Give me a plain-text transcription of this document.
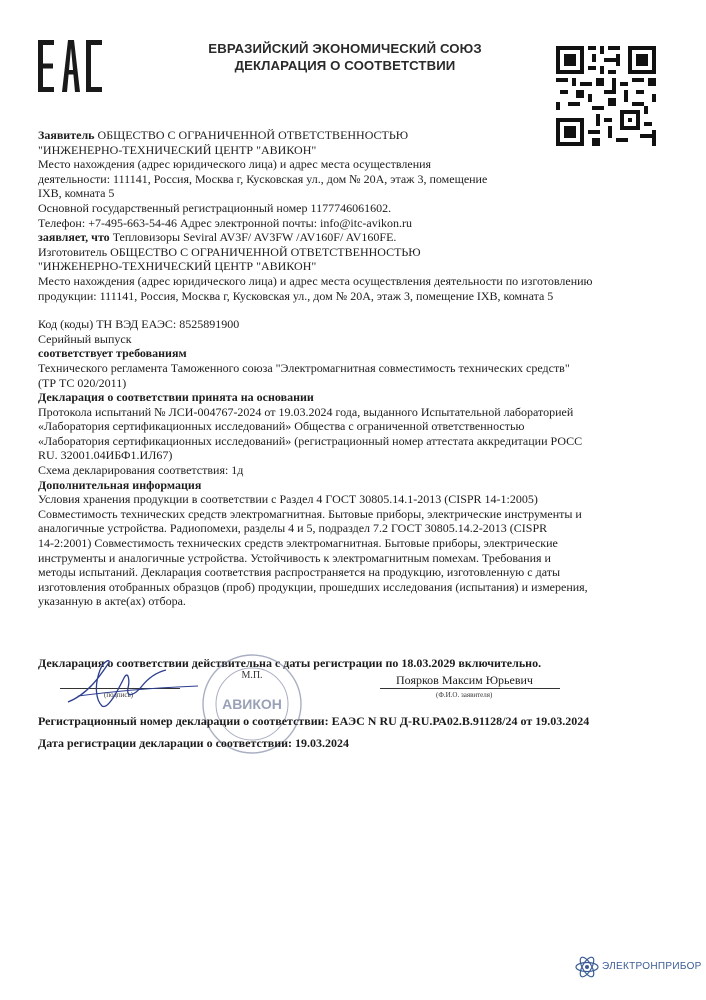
ЕВРАЗИЙСКИЙ ЭКОНОМИЧЕСКИЙ СОЮЗ
ДЕКЛАРАЦИЯ О СООТВЕТСТВИИ

Заявитель ОБЩЕСТВО С ОГРАНИЧЕННОЙ ОТВЕТСТВЕННОСТЬЮ

"ИНЖЕНЕРНО-ТЕХНИЧЕСКИЙ ЦЕНТР "АВИКОН"

Место нахождения (адрес юридического лица) и адрес места осуществления

деятельности: 111141, Россия, Москва г, Кусковская ул., дом № 20А, этаж 3, помещение

IXB, комната 5

Основной государственный регистрационный номер 1177746061602.

Телефон: +7-495-663-54-46 Адрес электронной почты: info@itc-avikon.ru

заявляет, что Тепловизоры Seviral AV3F/ AV3FW /AV160F/ AV160FE.

Изготовитель ОБЩЕСТВО С ОГРАНИЧЕННОЙ ОТВЕТСТВЕННОСТЬЮ

"ИНЖЕНЕРНО-ТЕХНИЧЕСКИЙ ЦЕНТР "АВИКОН"

Место нахождения (адрес юридического лица) и адрес места осуществления деятельности по изготовлению

продукции: 111141, Россия, Москва г, Кусковская ул., дом № 20А, этаж 3, помещение IXB, комната 5

Код (коды) ТН ВЭД ЕАЭС: 8525891900

Серийный выпуск

соответствует требованиям

Технического регламента Таможенного союза "Электромагнитная совместимость технических средств"

(ТР ТС 020/2011)

Декларация о соответствии принята на основании

Протокола испытаний № ЛСИ-004767-2024 от 19.03.2024 года, выданного Испытательной лабораторией

«Лаборатория сертификационных исследований» Общества с ограниченной ответственностью

«Лаборатория сертификационных исследований» (регистрационный номер аттестата аккредитации РОСС

RU. 32001.04ИБФ1.ИЛ67)

Схема декларирования соответствия: 1д

Дополнительная информация

Условия хранения продукции в соответствии с Раздел 4 ГОСТ 30805.14.1-2013 (CISPR 14-1:2005)

Совместимость технических средств электромагнитная. Бытовые приборы, электрические инструменты и

аналогичные устройства. Радиопомехи, разделы 4 и 5, подраздел 7.2 ГОСТ 30805.14.2-2013 (CISPR

14-2:2001) Совместимость технических средств электромагнитная. Бытовые приборы, электрические

инструменты и аналогичные устройства. Устойчивость к электромагнитным помехам. Требования и

методы испытаний. Декларация соответствия распространяется на продукцию, изготовленную с даты

изготовления отобранных образцов (проб) продукции, прошедших исследования (испытания) и измерения,

указанную в акте(ах) отбора.

Декларация о соответствии действительна с даты регистрации по 18.03.2029 включительно.
(подпись)
Поярков Максим Юрьевич
(Ф.И.О. заявителя)
АВИКОН
М.П.
Регистрационный номер декларации о соответствии: ЕАЭС N RU Д-RU.РА02.В.91128/24 от 19.03.2024
Дата регистрации декларации о соответствии: 19.03.2024
ЭЛЕКТРОНПРИБОР
